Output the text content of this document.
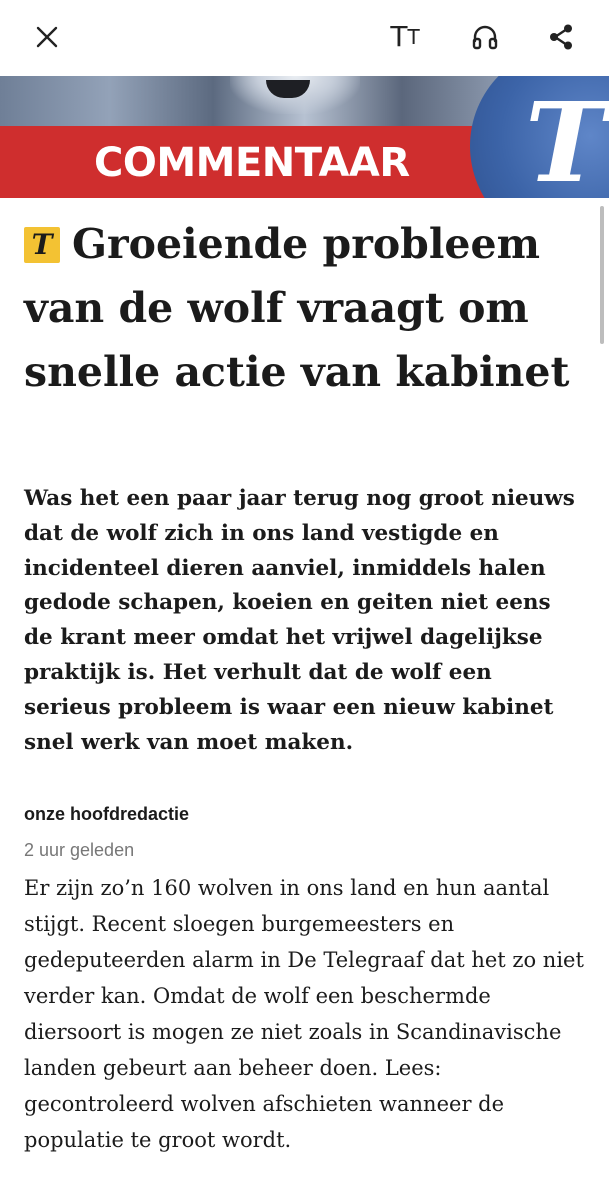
T T
COMMENTAAR T
T Groeiende probleem van de wolf vraagt om snelle actie van kabinet

Was het een paar jaar terug nog groot nieuws dat de wolf zich in ons land vestigde en incidenteel dieren aanviel, inmiddels halen gedode schapen, koeien en geiten niet eens de krant meer omdat het vrijwel dagelijkse praktijk is. Het verhult dat de wolf een serieus probleem is waar een nieuw kabinet snel werk van moet maken.

onze hoofdredactie
2 uur geleden

Er zijn zo’n 160 wolven in ons land en hun aantal stijgt. Recent sloegen burgemeesters en gedeputeerden alarm in De Telegraaf dat het zo niet verder kan. Omdat de wolf een beschermde diersoort is mogen ze niet zoals in Scandinavische landen gebeurt aan beheer doen. Lees: gecontroleerd wolven afschieten wanneer de populatie te groot wordt.
